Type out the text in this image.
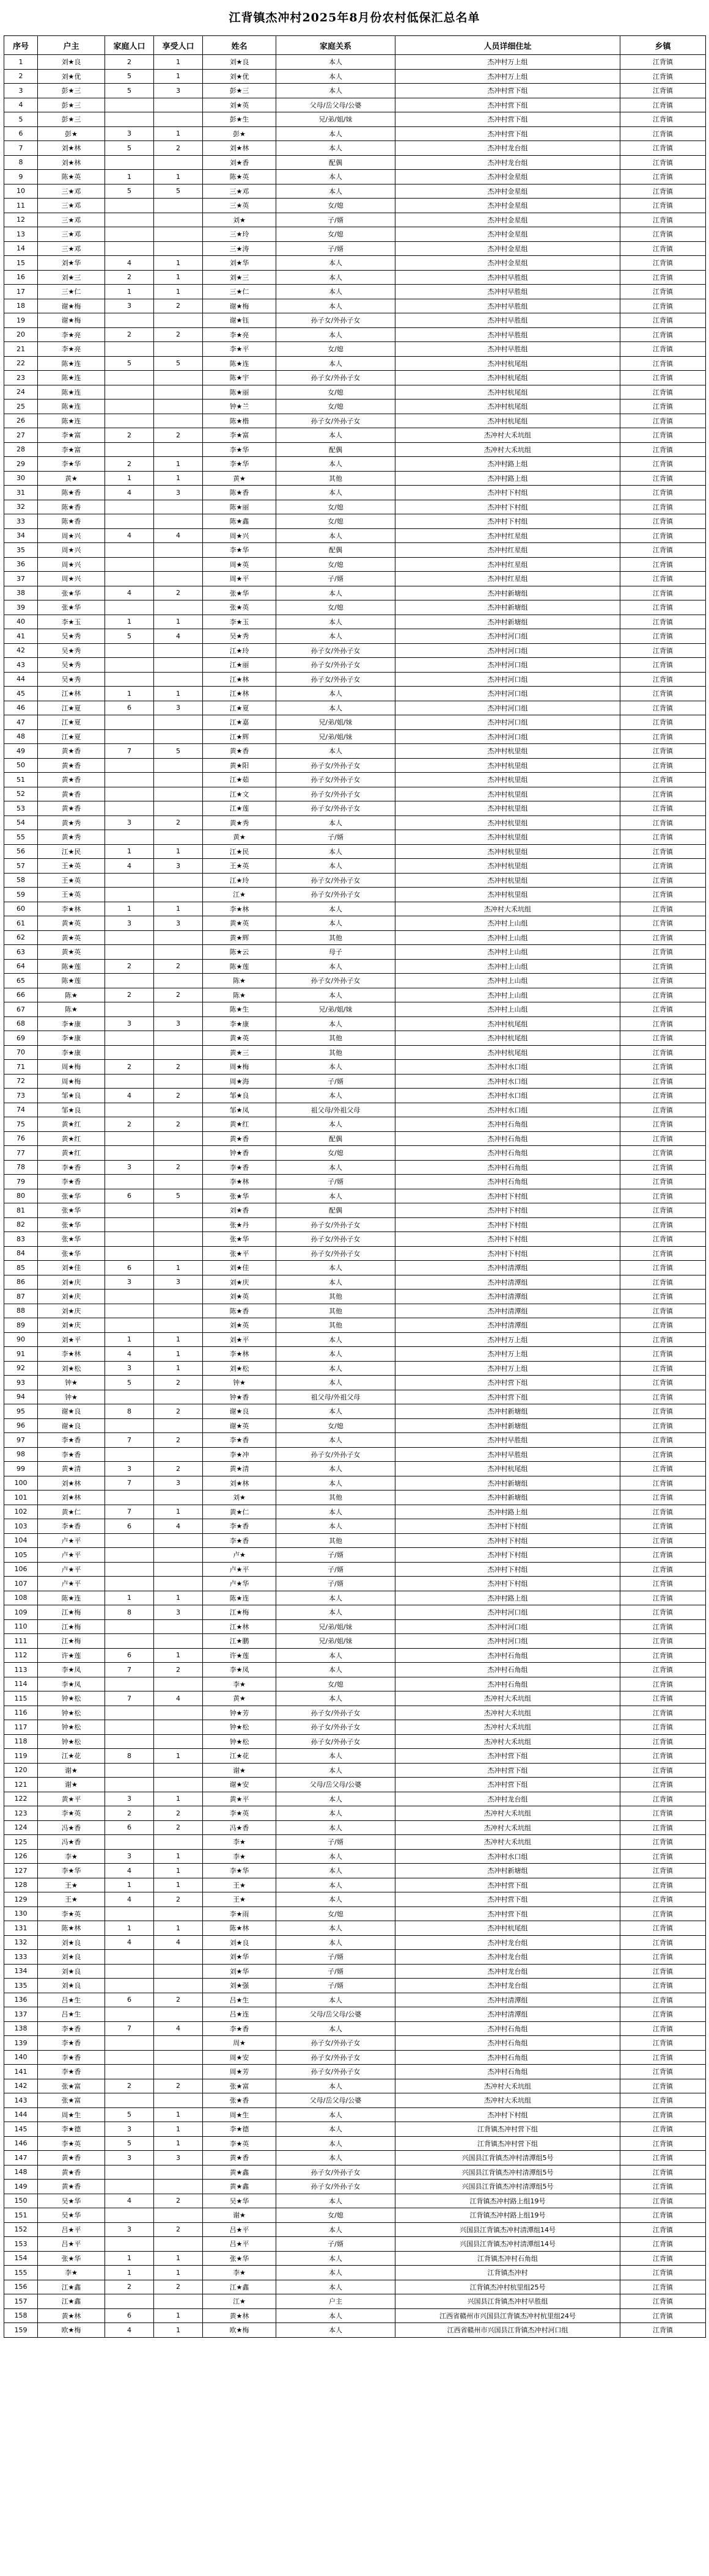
江背镇杰冲村2025年8月份农村低保汇总名单
序号	户主	家庭人口	享受人口	姓名	家庭关系	人员详细住址	乡镇
1	刘★良	2	1	刘★良	本人	杰冲村万上组	江背镇
2	刘★优	5	1	刘★优	本人	杰冲村万上组	江背镇
3	彭★三	5	3	彭★三	本人	杰冲村营下组	江背镇
4	彭★三			刘★英	父母/岳父母/公婆	杰冲村营下组	江背镇
5	彭★三			彭★生	兄/弟/姐/妹	杰冲村营下组	江背镇
6	彭★	3	1	彭★	本人	杰冲村营下组	江背镇
7	刘★林	5	2	刘★林	本人	杰冲村龙台组	江背镇
8	刘★林			刘★香	配偶	杰冲村龙台组	江背镇
9	陈★英	1	1	陈★英	本人	杰冲村金星组	江背镇
10	三★邓	5	5	三★邓	本人	杰冲村金星组	江背镇
11	三★邓			三★英	女/媳	杰冲村金星组	江背镇
12	三★邓			刘★	子/婿	杰冲村金星组	江背镇
13	三★邓			三★玲	女/媳	杰冲村金星组	江背镇
14	三★邓			三★涛	子/婿	杰冲村金星组	江背镇
15	刘★华	4	1	刘★华	本人	杰冲村金星组	江背镇
16	刘★三	2	1	刘★三	本人	杰冲村早胜组	江背镇
17	三★仁	1	1	三★仁	本人	杰冲村早胜组	江背镇
18	谢★梅	3	2	谢★梅	本人	杰冲村早胜组	江背镇
19	谢★梅			谢★钰	孙子女/外孙子女	杰冲村早胜组	江背镇
20	李★亮	2	2	李★亮	本人	杰冲村早胜组	江背镇
21	李★亮			李★平	女/媳	杰冲村早胜组	江背镇
22	陈★连	5	5	陈★连	本人	杰冲村杭尾组	江背镇
23	陈★连			陈★宇	孙子女/外孙子女	杰冲村杭尾组	江背镇
24	陈★连			陈★丽	女/媳	杰冲村杭尾组	江背镇
25	陈★连			钟★兰	女/媳	杰冲村杭尾组	江背镇
26	陈★连			陈★楷	孙子女/外孙子女	杰冲村杭尾组	江背镇
27	李★富	2	2	李★富	本人	杰冲村大禾坑组	江背镇
28	李★富			李★华	配偶	杰冲村大禾坑组	江背镇
29	李★华	2	1	李★华	本人	杰冲村路上组	江背镇
30	黄★	1	1	黄★	其他	杰冲村路上组	江背镇
31	陈★香	4	3	陈★香	本人	杰冲村下村组	江背镇
32	陈★香			陈★丽	女/媳	杰冲村下村组	江背镇
33	陈★香			陈★鑫	女/媳	杰冲村下村组	江背镇
34	周★兴	4	4	周★兴	本人	杰冲村红星组	江背镇
35	周★兴			李★华	配偶	杰冲村红星组	江背镇
36	周★兴			周★英	女/媳	杰冲村红星组	江背镇
37	周★兴			周★平	子/婿	杰冲村红星组	江背镇
38	张★华	4	2	张★华	本人	杰冲村新塘组	江背镇
39	张★华			张★英	女/媳	杰冲村新塘组	江背镇
40	李★玉	1	1	李★玉	本人	杰冲村新塘组	江背镇
41	吴★秀	5	4	吴★秀	本人	杰冲村河口组	江背镇
42	吴★秀			江★玲	孙子女/外孙子女	杰冲村河口组	江背镇
43	吴★秀			江★丽	孙子女/外孙子女	杰冲村河口组	江背镇
44	吴★秀			江★林	孙子女/外孙子女	杰冲村河口组	江背镇
45	江★林	1	1	江★林	本人	杰冲村河口组	江背镇
46	江★夏	6	3	江★夏	本人	杰冲村河口组	江背镇
47	江★夏			江★嘉	兄/弟/姐/妹	杰冲村河口组	江背镇
48	江★夏			江★辉	兄/弟/姐/妹	杰冲村河口组	江背镇
49	黄★香	7	5	黄★香	本人	杰冲村杭里组	江背镇
50	黄★香			黄★阳	孙子女/外孙子女	杰冲村杭里组	江背镇
51	黄★香			江★茹	孙子女/外孙子女	杰冲村杭里组	江背镇
52	黄★香			江★文	孙子女/外孙子女	杰冲村杭里组	江背镇
53	黄★香			江★莲	孙子女/外孙子女	杰冲村杭里组	江背镇
54	黄★秀	3	2	黄★秀	本人	杰冲村杭里组	江背镇
55	黄★秀			黄★	子/婿	杰冲村杭里组	江背镇
56	江★民	1	1	江★民	本人	杰冲村杭里组	江背镇
57	王★英	4	3	王★英	本人	杰冲村杭里组	江背镇
58	王★英			江★玲	孙子女/外孙子女	杰冲村杭里组	江背镇
59	王★英			江★	孙子女/外孙子女	杰冲村杭里组	江背镇
60	李★林	1	1	李★林	本人	杰冲村大禾坑组	江背镇
61	黄★英	3	3	黄★英	本人	杰冲村上山组	江背镇
62	黄★英			黄★辉	其他	杰冲村上山组	江背镇
63	黄★英			陈★云	母子	杰冲村上山组	江背镇
64	陈★莲	2	2	陈★莲	本人	杰冲村上山组	江背镇
65	陈★莲			陈★	孙子女/外孙子女	杰冲村上山组	江背镇
66	陈★	2	2	陈★	本人	杰冲村上山组	江背镇
67	陈★			陈★生	兄/弟/姐/妹	杰冲村上山组	江背镇
68	李★康	3	3	李★康	本人	杰冲村杭尾组	江背镇
69	李★康			黄★英	其他	杰冲村杭尾组	江背镇
70	李★康			黄★三	其他	杰冲村杭尾组	江背镇
71	周★梅	2	2	周★梅	本人	杰冲村水口组	江背镇
72	周★梅			周★海	子/婿	杰冲村水口组	江背镇
73	邹★良	4	2	邹★良	本人	杰冲村水口组	江背镇
74	邹★良			邹★凤	祖父母/外祖父母	杰冲村水口组	江背镇
75	黄★红	2	2	黄★红	本人	杰冲村石角组	江背镇
76	黄★红			黄★香	配偶	杰冲村石角组	江背镇
77	黄★红			钟★香	女/媳	杰冲村石角组	江背镇
78	李★香	3	2	李★香	本人	杰冲村石角组	江背镇
79	李★香			李★林	子/婿	杰冲村石角组	江背镇
80	张★华	6	5	张★华	本人	杰冲村下村组	江背镇
81	张★华			刘★香	配偶	杰冲村下村组	江背镇
82	张★华			张★丹	孙子女/外孙子女	杰冲村下村组	江背镇
83	张★华			张★华	孙子女/外孙子女	杰冲村下村组	江背镇
84	张★华			张★平	孙子女/外孙子女	杰冲村下村组	江背镇
85	刘★佳	6	1	刘★佳	本人	杰冲村清潭组	江背镇
86	刘★庆	3	3	刘★庆	本人	杰冲村清潭组	江背镇
87	刘★庆			刘★英	其他	杰冲村清潭组	江背镇
88	刘★庆			陈★香	其他	杰冲村清潭组	江背镇
89	刘★庆			刘★英	其他	杰冲村清潭组	江背镇
90	刘★平	1	1	刘★平	本人	杰冲村万上组	江背镇
91	李★林	4	1	李★林	本人	杰冲村万上组	江背镇
92	刘★松	3	1	刘★松	本人	杰冲村万上组	江背镇
93	钟★	5	2	钟★	本人	杰冲村营下组	江背镇
94	钟★			钟★香	祖父母/外祖父母	杰冲村营下组	江背镇
95	谢★良	8	2	谢★良	本人	杰冲村新塘组	江背镇
96	谢★良			谢★英	女/媳	杰冲村新塘组	江背镇
97	李★香	7	2	李★香	本人	杰冲村早胜组	江背镇
98	李★香			李★冲	孙子女/外孙子女	杰冲村早胜组	江背镇
99	黄★清	3	2	黄★清	本人	杰冲村杭尾组	江背镇
100	刘★林	7	3	刘★林	本人	杰冲村新塘组	江背镇
101	刘★林			刘★	其他	杰冲村新塘组	江背镇
102	黄★仁	7	1	黄★仁	本人	杰冲村路上组	江背镇
103	李★香	6	4	李★香	本人	杰冲村下村组	江背镇
104	卢★平			李★香	其他	杰冲村下村组	江背镇
105	卢★平			卢★	子/婿	杰冲村下村组	江背镇
106	卢★平			卢★平	子/婿	杰冲村下村组	江背镇
107	卢★平			卢★华	子/婿	杰冲村下村组	江背镇
108	陈★连	1	1	陈★连	本人	杰冲村路上组	江背镇
109	江★梅	8	3	江★梅	本人	杰冲村河口组	江背镇
110	江★梅			江★林	兄/弟/姐/妹	杰冲村河口组	江背镇
111	江★梅			江★鹏	兄/弟/姐/妹	杰冲村河口组	江背镇
112	许★莲	6	1	许★莲	本人	杰冲村石角组	江背镇
113	李★凤	7	2	李★凤	本人	杰冲村石角组	江背镇
114	李★凤			李★	女/媳	杰冲村石角组	江背镇
115	钟★松	7	4	黄★	本人	杰冲村大禾坑组	江背镇
116	钟★松			钟★芳	孙子女/外孙子女	杰冲村大禾坑组	江背镇
117	钟★松			钟★松	孙子女/外孙子女	杰冲村大禾坑组	江背镇
118	钟★松			钟★松	孙子女/外孙子女	杰冲村大禾坑组	江背镇
119	江★花	8	1	江★花	本人	杰冲村营下组	江背镇
120	谢★			谢★	本人	杰冲村营下组	江背镇
121	谢★			谢★安	父母/岳父母/公婆	杰冲村营下组	江背镇
122	黄★平	3	1	黄★平	本人	杰冲村龙台组	江背镇
123	李★英	2	2	李★英	本人	杰冲村大禾坑组	江背镇
124	冯★香	6	2	冯★香	本人	杰冲村大禾坑组	江背镇
125	冯★香			李★	子/婿	杰冲村大禾坑组	江背镇
126	李★	3	1	李★	本人	杰冲村水口组	江背镇
127	李★华	4	1	李★华	本人	杰冲村新塘组	江背镇
128	王★	1	1	王★	本人	杰冲村营下组	江背镇
129	王★	4	2	王★	本人	杰冲村营下组	江背镇
130	李★英			李★雨	女/媳	杰冲村营下组	江背镇
131	陈★林	1	1	陈★林	本人	杰冲村杭尾组	江背镇
132	刘★良	4	4	刘★良	本人	杰冲村龙台组	江背镇
133	刘★良			刘★华	子/婿	杰冲村龙台组	江背镇
134	刘★良			刘★华	子/婿	杰冲村龙台组	江背镇
135	刘★良			刘★强	子/婿	杰冲村龙台组	江背镇
136	吕★生	6	2	吕★生	本人	杰冲村清潭组	江背镇
137	吕★生			吕★连	父母/岳父母/公婆	杰冲村清潭组	江背镇
138	李★香	7	4	李★香	本人	杰冲村石角组	江背镇
139	李★香			周★	孙子女/外孙子女	杰冲村石角组	江背镇
140	李★香			周★安	孙子女/外孙子女	杰冲村石角组	江背镇
141	李★香			周★芳	孙子女/外孙子女	杰冲村石角组	江背镇
142	张★富	2	2	张★富	本人	杰冲村大禾坑组	江背镇
143	张★富			张★香	父母/岳父母/公婆	杰冲村大禾坑组	江背镇
144	周★生	5	1	周★生	本人	杰冲村下村组	江背镇
145	李★德	3	1	李★德	本人	江背镇杰冲村营下组	江背镇
146	李★英	5	1	李★英	本人	江背镇杰冲村营下组	江背镇
147	黄★香	3	3	黄★香	本人	兴国县江背镇杰冲村清潭组5号	江背镇
148	黄★香			黄★鑫	孙子女/外孙子女	兴国县江背镇杰冲村清潭组5号	江背镇
149	黄★香			黄★鑫	孙子女/外孙子女	兴国县江背镇杰冲村清潭组5号	江背镇
150	吴★华	4	2	吴★华	本人	江背镇杰冲村路上组19号	江背镇
151	吴★华			谢★	女/媳	江背镇杰冲村路上组19号	江背镇
152	吕★平	3	2	吕★平	本人	兴国县江背镇杰冲村清潭组14号	江背镇
153	吕★平			吕★平	子/婿	兴国县江背镇杰冲村清潭组14号	江背镇
154	张★华	1	1	张★华	本人	江背镇杰冲村石角组	江背镇
155	李★	1	1	李★	本人	江背镇杰冲村	江背镇
156	江★鑫	2	2	江★鑫	本人	江背镇杰冲村杭里组25号	江背镇
157	江★鑫			江★	户主	兴国县江背镇杰冲村早胜组	江背镇
158	黄★林	6	1	黄★林	本人	江西省赣州市兴国县江背镇杰冲村杭里组24号	江背镇
159	欧★梅	4	1	欧★梅	本人	江西省赣州市兴国县江背镇杰冲村河口组	江背镇
